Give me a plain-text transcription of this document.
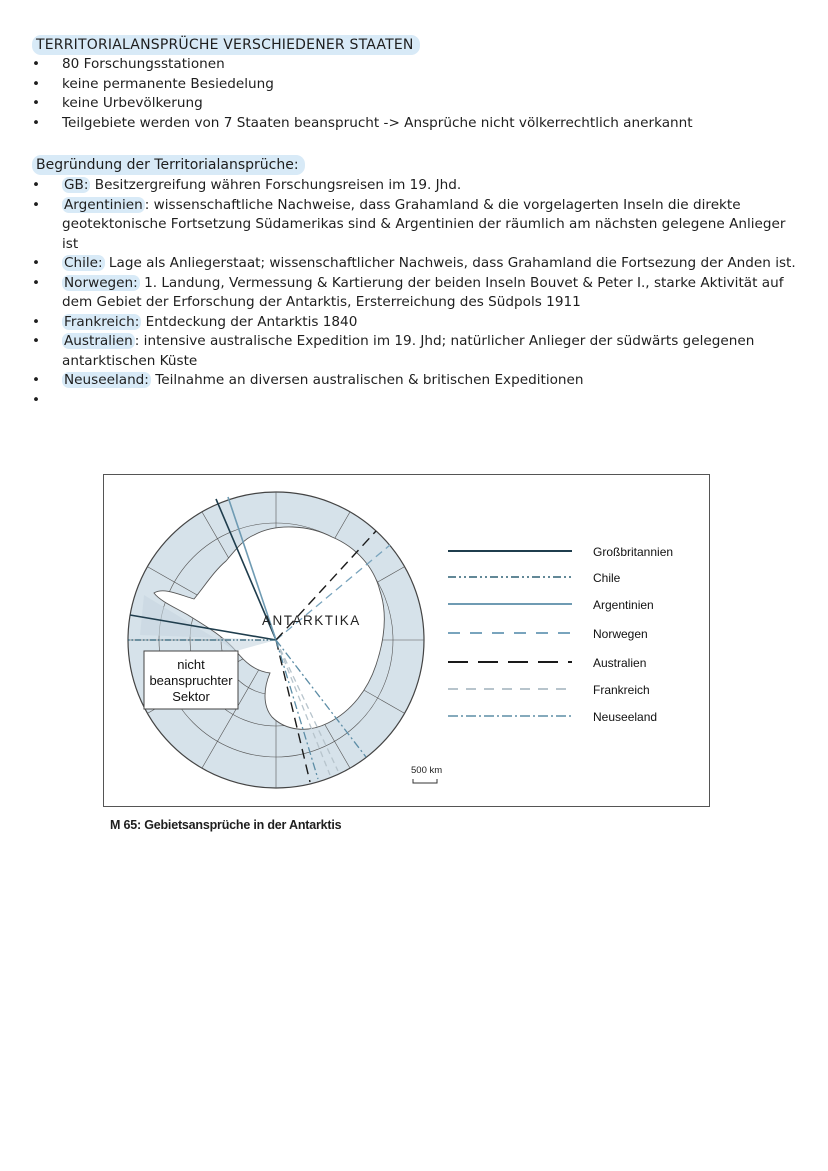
TERRITORIALANSPRÜCHE VERSCHIEDENER STAATEN
• 80 Forschungsstationen
• keine permanente Besiedelung
• keine Urbevölkerung
• Teilgebiete werden von 7 Staaten beansprucht -> Ansprüche nicht völkerrechtlich anerkannt
Begründung der Territorialansprüche:
• GB: Besitzergreifung währen Forschungsreisen im 19. Jhd.
• Argentinien : wissenschaftliche Nachweise, dass Grahamland & die vorgelagerten Inseln die direkte geotektonische Fortsetzung Südamerikas sind & Argentinien der räumlich am nächsten gelegene Anlieger ist
• Chile: Lage als Anliegerstaat; wissenschaftlicher Nachweis, dass Grahamland die Fortsezung der Anden ist.
• Norwegen: 1. Landung, Vermessung & Kartierung der beiden Inseln Bouvet & Peter I., starke Aktivität auf dem Gebiet der Erforschung der Antarktis, Ersterreichung des Südpols 1911
• Frankreich: Entdeckung der Antarktis 1840
• Australien : intensive australische Expedition im 19. Jhd; natürlicher Anlieger der südwärts gelegenen antarktischen Küste
• Neuseeland: Teilnahme an diversen australischen & britischen Expeditionen
ANTARKTIKA
nicht
beanspruchter
Sektor
500 km
Großbritannien
Chile
Argentinien
Norwegen
Australien
Frankreich
Neuseeland
M 65: Gebietsansprüche in der Antarktis
